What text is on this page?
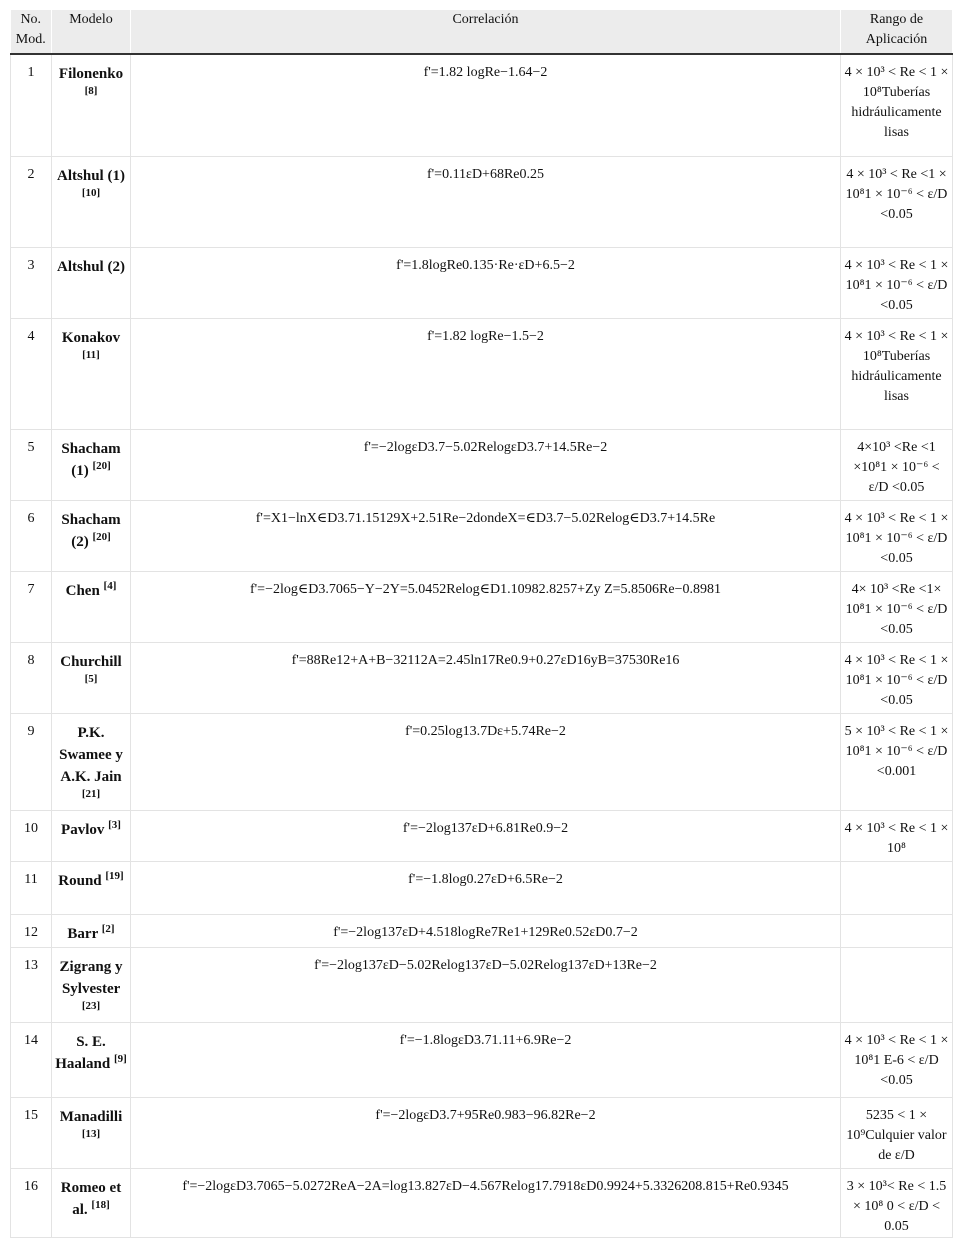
No. Mod.	Modelo	Correlación	Rango de Aplicación
1	Filonenko [8]	f'=1.82 logRe−1.64−2	4 × 10³ < Re < 1 × 10⁸Tuberías hidráulicamente lisas
2	Altshul (1) [10]	f'=0.11εD+68Re0.25	4 × 10³ < Re <1 × 10⁸1 × 10⁻⁶ < ε/D <0.05
3	Altshul (2)	f'=1.8logRe0.135·Re·εD+6.5−2	4 × 10³ < Re < 1 × 10⁸1 × 10⁻⁶ < ε/D <0.05
4	Konakov [11]	f'=1.82 logRe−1.5−2	4 × 10³ < Re < 1 × 10⁸Tuberías hidráulicamente lisas
5	Shacham (1) [20]	f'=−2logεD3.7−5.02RelogεD3.7+14.5Re−2	4×10³ <Re <1 ×10⁸1 × 10⁻⁶ < ε/D <0.05
6	Shacham (2) [20]	f'=X1−lnX∈D3.71.15129X+2.51Re−2dondeX=∈D3.7−5.02Relog∈D3.7+14.5Re	4 × 10³ < Re < 1 × 10⁸1 × 10⁻⁶ < ε/D <0.05
7	Chen [4]	f'=−2log∈D3.7065−Y−2Y=5.0452Relog∈D1.10982.8257+Zy Z=5.8506Re−0.8981	4× 10³ <Re <1× 10⁸1 × 10⁻⁶ < ε/D <0.05
8	Churchill [5]	f'=88Re12+A+B−32112A=2.45ln17Re0.9+0.27εD16yB=37530Re16	4 × 10³ < Re < 1 × 10⁸1 × 10⁻⁶ < ε/D <0.05
9	P.K. Swamee y A.K. Jain [21]	f'=0.25log13.7Dε+5.74Re−2	5 × 10³ < Re < 1 × 10⁸1 × 10⁻⁶ < ε/D <0.001
10	Pavlov [3]	f'=−2log137εD+6.81Re0.9−2	4 × 10³ < Re < 1 × 10⁸
11	Round [19]	f'=−1.8log0.27εD+6.5Re−2	
12	Barr [2]	f'=−2log137εD+4.518logRe7Re1+129Re0.52εD0.7−2	
13	Zigrang y Sylvester [23]	f'=−2log137εD−5.02Relog137εD−5.02Relog137εD+13Re−2	
14	S. E. Haaland [9]	f'=−1.8logεD3.71.11+6.9Re−2	4 × 10³ < Re < 1 × 10⁸1 E-6 < ε/D <0.05
15	Manadilli [13]	f'=−2logεD3.7+95Re0.983−96.82Re−2	5235 < 1 × 10⁹Culquier valor de ε/D
16	Romeo et al. [18]	f'=−2logεD3.7065−5.0272ReA−2A=log13.827εD−4.567Relog17.7918εD0.9924+5.3326208.815+Re0.9345	3 × 10³< Re < 1.5 × 10⁸ 0 < ε/D < 0.05
